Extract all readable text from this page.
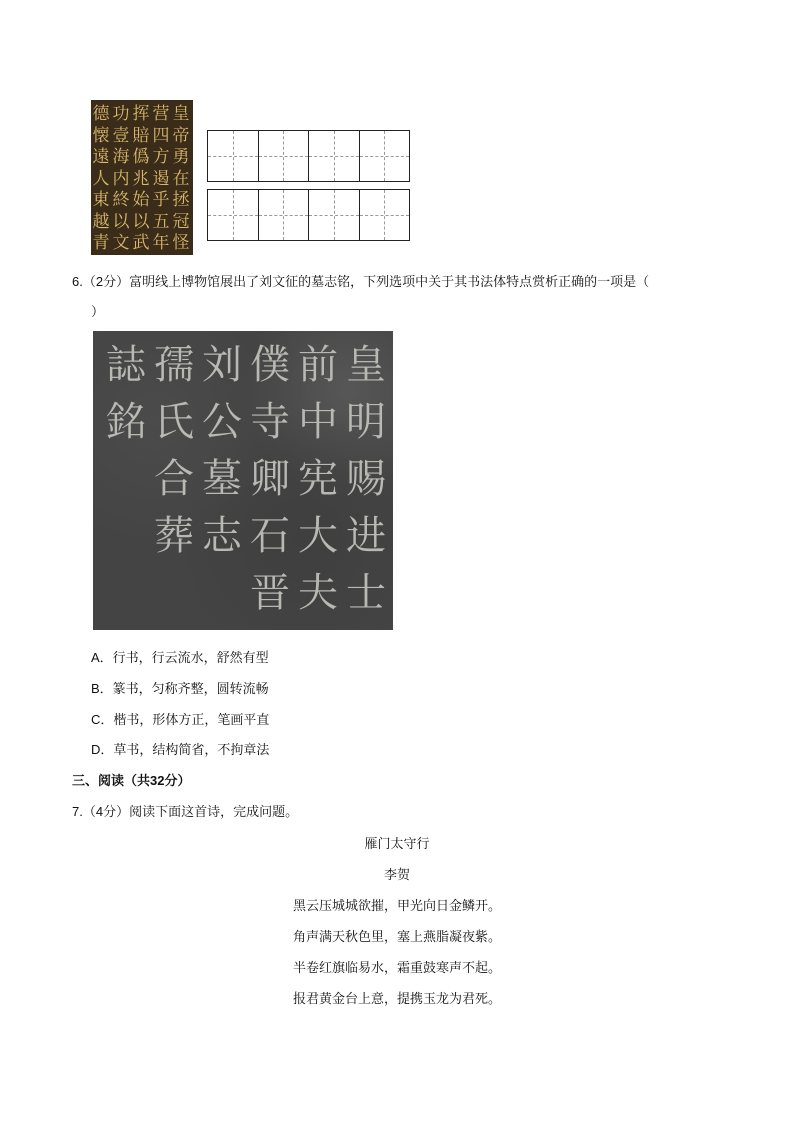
皇帝勇在拯冠怪
营四方遏乎五年
挥賠僞兆始以武
功壹海内終以文
德懐遠人東越青
6.（2分）富明线上博物馆展出了刘文征的墓志铭，下列选项中关于其书法体特点赏析正确的一项是（
）
皇明赐进士
前中宪大夫
僕寺卿石晋
刘公墓志
孺氏合葬
誌銘
A．行书，行云流水，舒然有型
B．篆书，匀称齐整，圆转流畅
C．楷书，形体方正，笔画平直
D．草书，结构简省，不拘章法
三、阅读（共32分）
7.（4分）阅读下面这首诗，完成问题。
雁门太守行
李贺
黑云压城城欲摧，甲光向日金鳞开。
角声满天秋色里，塞上燕脂凝夜紫。
半卷红旗临易水，霜重鼓寒声不起。
报君黄金台上意，提携玉龙为君死。
